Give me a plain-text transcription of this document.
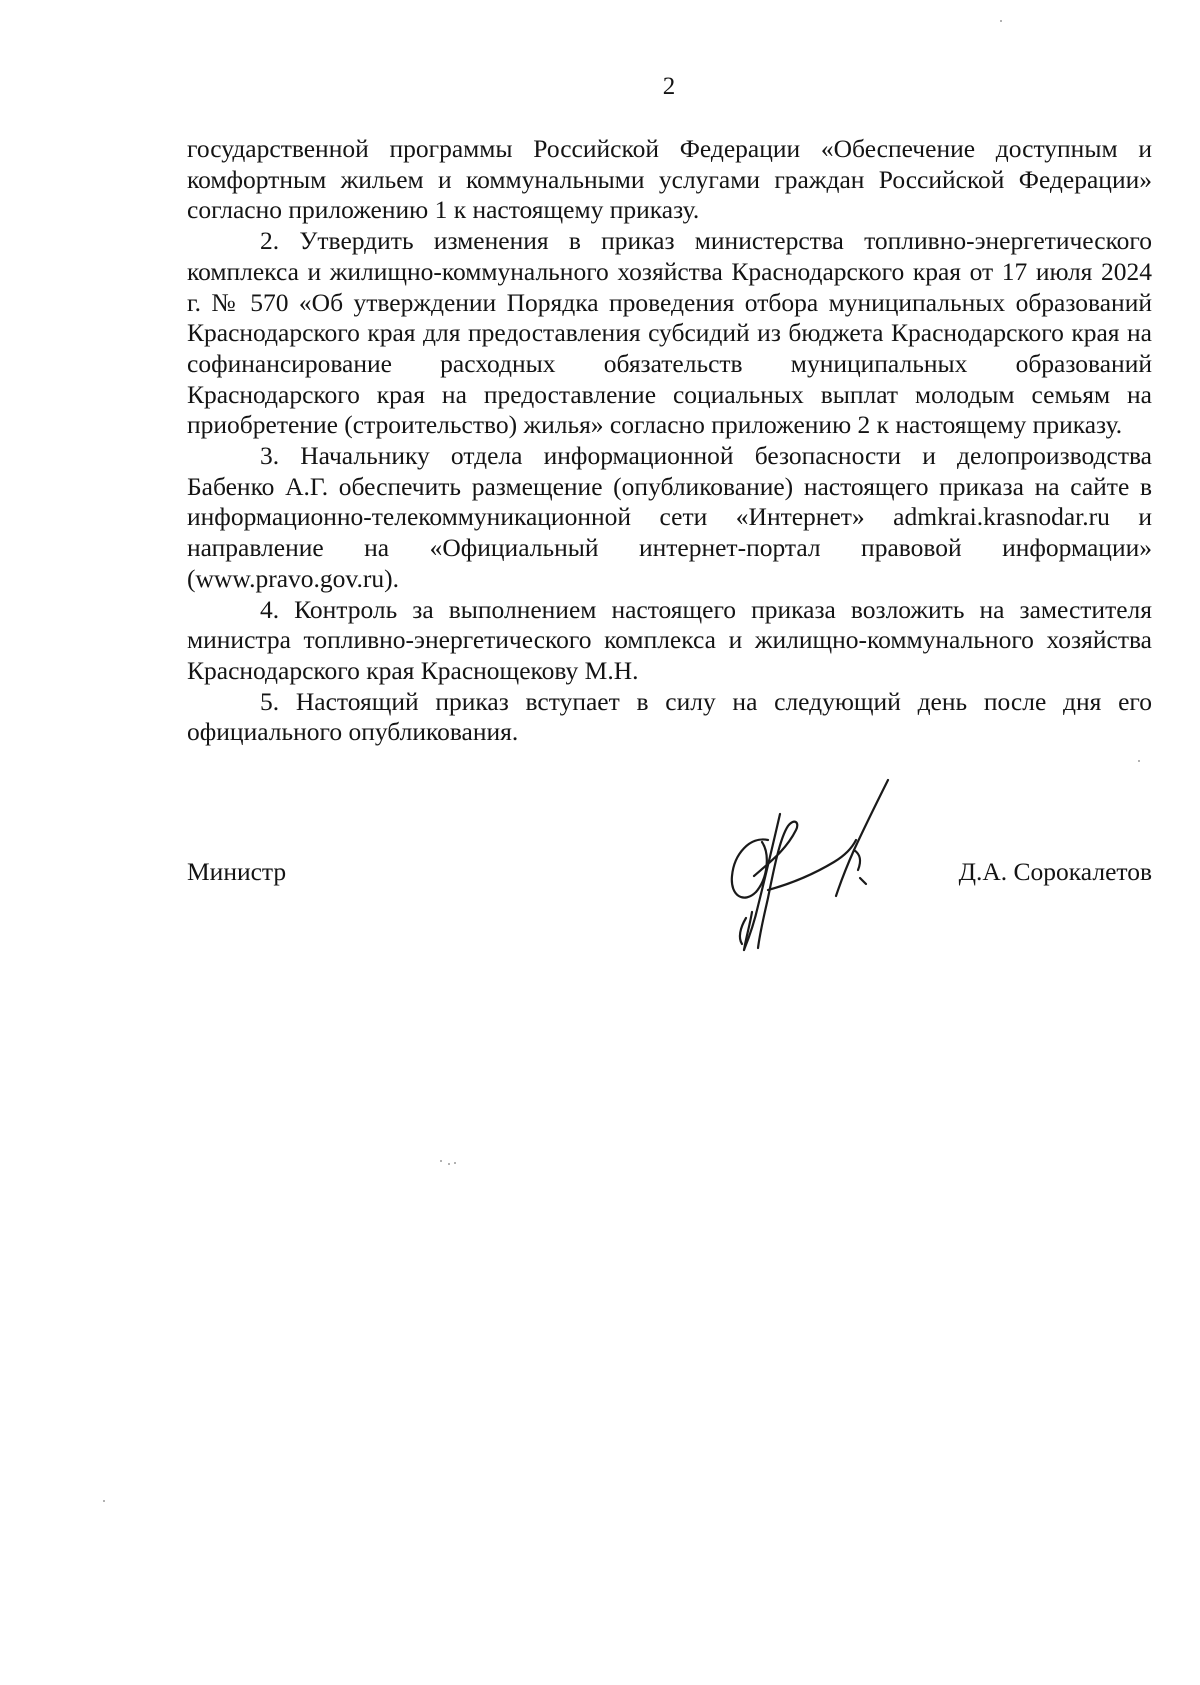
2

государственной программы Российской Федерации «Обеспечение доступным и комфортным жильем и коммунальными услугами граждан Российской Федерации» согласно приложению 1 к настоящему приказу.

2. Утвердить изменения в приказ министерства топливно-энергетического комплекса и жилищно-коммунального хозяйства Краснодарского края от 17 июля 2024 г. № 570 «Об утверждении Порядка проведения отбора муниципальных образований Краснодарского края для предоставления субсидий из бюджета Краснодарского края на софинансирование расходных обязательств муниципальных образований Краснодарского края на предоставление социальных выплат молодым семьям на приобретение (строительство) жилья» согласно приложению 2 к настоящему приказу.

3. Начальнику отдела информационной безопасности и делопроизводства Бабенко А.Г. обеспечить размещение (опубликование) настоящего приказа на сайте в информационно-телекоммуникационной сети «Интернет» admkrai.krasnodar.ru и направление на «Официальный интернет-портал правовой информации» (www.pravo.gov.ru).

4. Контроль за выполнением настоящего приказа возложить на заместителя министра топливно-энергетического комплекса и жилищно-коммунального хозяйства Краснодарского края Краснощекову М.Н.

5. Настоящий приказ вступает в силу на следующий день после дня его официального опубликования.

Министр	Д.А. Сорокалетов
